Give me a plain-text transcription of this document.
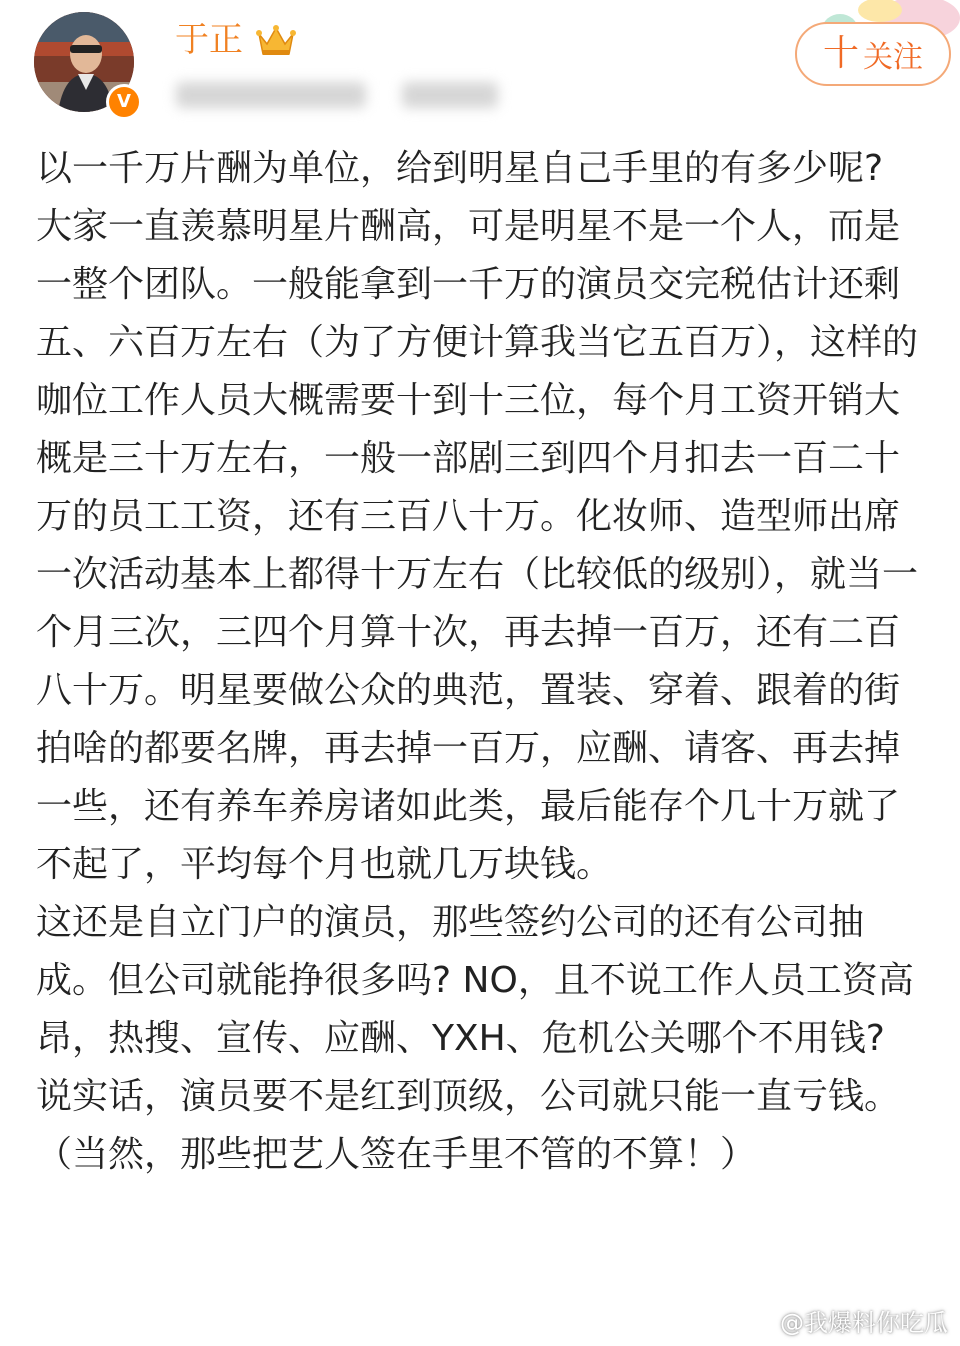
V
于正	十 关注

以一千万片酬为单位，给到明星自己手里的有多少呢?

大家一直羡慕明星片酬高，可是明星不是一个人，而是一整个团队。一般能拿到一千万的演员交完税估计还剩五、六百万左右（为了方便计算我当它五百万），这样的咖位工作人员大概需要十到十三位，每个月工资开销大概是三十万左右，一般一部剧三到四个月扣去一百二十万的员工工资，还有三百八十万。化妆师、造型师出席一次活动基本上都得十万左右（比较低的级别），就当一个月三次，三四个月算十次，再去掉一百万，还有二百八十万。明星要做公众的典范，置装、穿着、跟着的街拍啥的都要名牌，再去掉一百万，应酬、请客、再去掉一些，还有养车养房诸如此类，最后能存个几十万就了不起了，平均每个月也就几万块钱。

这还是自立门户的演员，那些签约公司的还有公司抽成。但公司就能挣很多吗? NO，且不说工作人员工资高昂，热搜、宣传、应酬、YXH、危机公关哪个不用钱? 说实话，演员要不是红到顶级，公司就只能一直亏钱。（当然，那些把艺人签在手里不管的不算！）

@我爆料你吃瓜
